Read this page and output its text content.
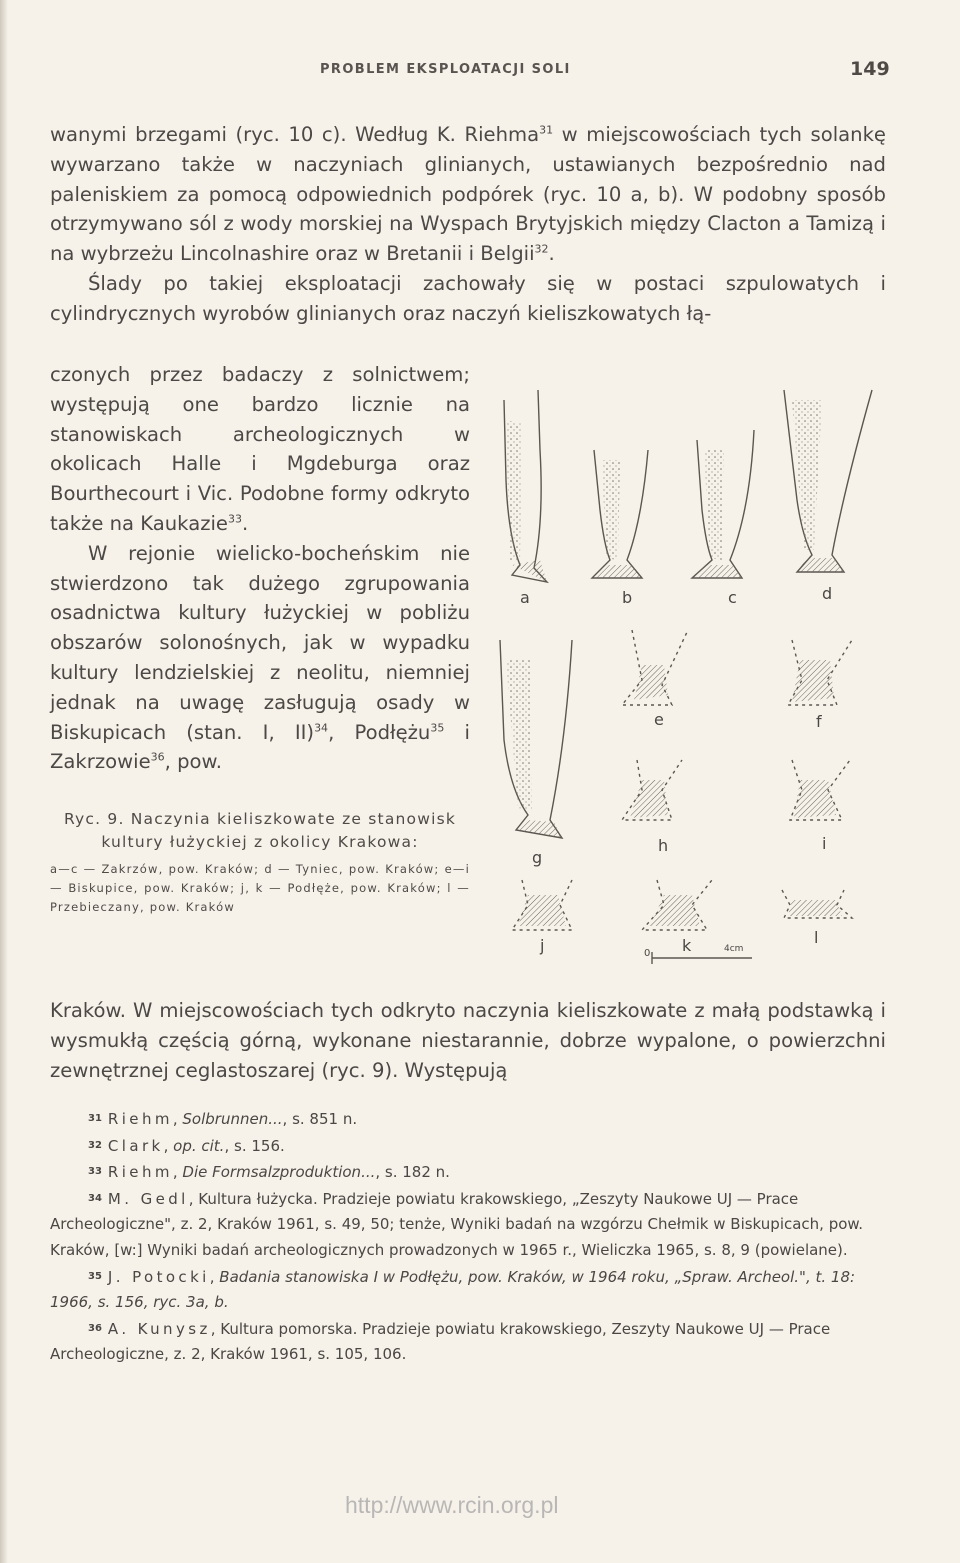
PROBLEM EKSPLOATACJI SOLI	149

wanymi brzegami (ryc. 10 c). Według K. Riehma$^{31}$ w miejscowościach tych solankę wywarzano także w naczyniach glinianych, ustawianych bezpośrednio nad paleniskiem za pomocą odpowiednich podpórek (ryc. 10 a, b). W podobny sposób otrzymywano sól z wody morskiej na Wyspach Brytyjskich między Clacton a Tamizą i na wybrzeżu Lincolnashire oraz w Bretanii i Belgii$^{32}$.

Ślady po takiej eksploatacji zachowały się w postaci szpulowatych i cylindrycznych wyrobów glinianych oraz naczyń kieliszkowatych łą-

czonych przez badaczy z solnictwem; występują one bardzo licznie na stanowiskach archeologicznych w okolicach Halle i Mgdeburga oraz Bourthecourt i Vic. Podobne formy odkryto także na Kaukazie$^{33}$.

W rejonie wielicko-bocheńskim nie stwierdzono tak dużego zgrupowania osadnictwa kultury łużyckiej w pobliżu obszarów solonośnych, jak w wypadku kultury lendzielskiej z neolitu, niemniej jednak na uwagę zasługują osady w Biskupicach (stan. I, II)$^{34}$, Podłężu$^{35}$ i Zakrzowie$^{36}$, pow.

a	b	c	d
e	f
g
h	i
j	k	l
0	4cm
Ryc. 9. Naczynia kieliszkowate ze stanowisk kultury łużyckiej z okolicy Krakowa:
a—c — Zakrzów, pow. Kraków; d — Tyniec, pow. Kraków; e—i — Biskupice, pow. Kraków; j, k — Podłęże, pow. Kraków; l — Przebieczany, pow. Kraków

Kraków. W miejscowościach tych odkryto naczynia kieliszkowate z małą podstawką i wysmukłą częścią górną, wykonane niestarannie, dobrze wypalone, o powierzchni zewnętrznej ceglastoszarej (ryc. 9). Występują

$^{31}$ Riehm, Solbrunnen..., s. 851 n.

$^{32}$ Clark, op. cit., s. 156.

$^{33}$ Riehm, Die Formsalzproduktion..., s. 182 n.

$^{34}$ M. Gedl, Kultura łużycka. Pradzieje powiatu krakowskiego, „Zeszyty Naukowe UJ — Prace Archeologiczne", z. 2, Kraków 1961, s. 49, 50; tenże, Wyniki badań na wzgórzu Chełmik w Biskupicach, pow. Kraków, [w:] Wyniki badań archeologicznych prowadzonych w 1965 r., Wieliczka 1965, s. 8, 9 (powielane).

$^{35}$ J. Potocki, Badania stanowiska I w Podłężu, pow. Kraków, w 1964 roku, „Spraw. Archeol.", t. 18: 1966, s. 156, ryc. 3a, b.

$^{36}$ A. Kunysz, Kultura pomorska. Pradzieje powiatu krakowskiego, Zeszyty Naukowe UJ — Prace Archeologiczne, z. 2, Kraków 1961, s. 105, 106.

http://www.rcin.org.pl
